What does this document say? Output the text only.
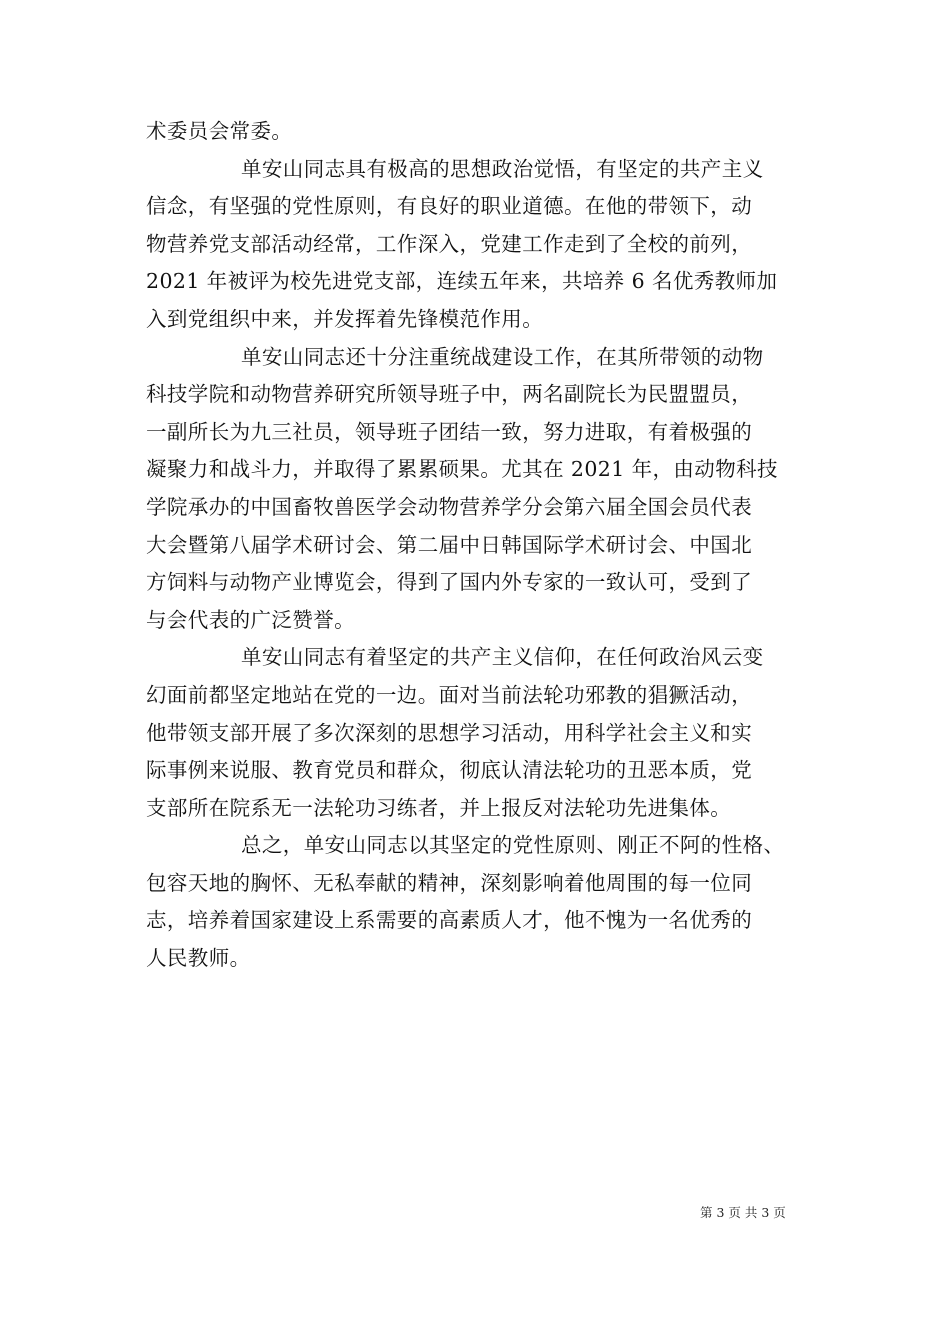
术委员会常委。
单安山同志具有极高的思想政治觉悟，有坚定的共产主义
信念，有坚强的党性原则，有良好的职业道德。在他的带领下，动
物营养党支部活动经常，工作深入，党建工作走到了全校的前列，
2021 年被评为校先进党支部，连续五年来，共培养 6 名优秀教师加
入到党组织中来，并发挥着先锋模范作用。
单安山同志还十分注重统战建设工作，在其所带领的动物
科技学院和动物营养研究所领导班子中，两名副院长为民盟盟员，
一副所长为九三社员，领导班子团结一致，努力进取，有着极强的
凝聚力和战斗力，并取得了累累硕果。尤其在 2021 年，由动物科技
学院承办的中国畜牧兽医学会动物营养学分会第六届全国会员代表
大会暨第八届学术研讨会、第二届中日韩国际学术研讨会、中国北
方饲料与动物产业博览会，得到了国内外专家的一致认可，受到了
与会代表的广泛赞誉。
单安山同志有着坚定的共产主义信仰，在任何政治风云变
幻面前都坚定地站在党的一边。面对当前法轮功邪教的猖獗活动，
他带领支部开展了多次深刻的思想学习活动，用科学社会主义和实
际事例来说服、教育党员和群众，彻底认清法轮功的丑恶本质，党
支部所在院系无一法轮功习练者，并上报反对法轮功先进集体。
总之，单安山同志以其坚定的党性原则、刚正不阿的性格、
包容天地的胸怀、无私奉献的精神，深刻影响着他周围的每一位同
志，培养着国家建设上系需要的高素质人才，他不愧为一名优秀的
人民教师。
第 3 页 共 3 页
